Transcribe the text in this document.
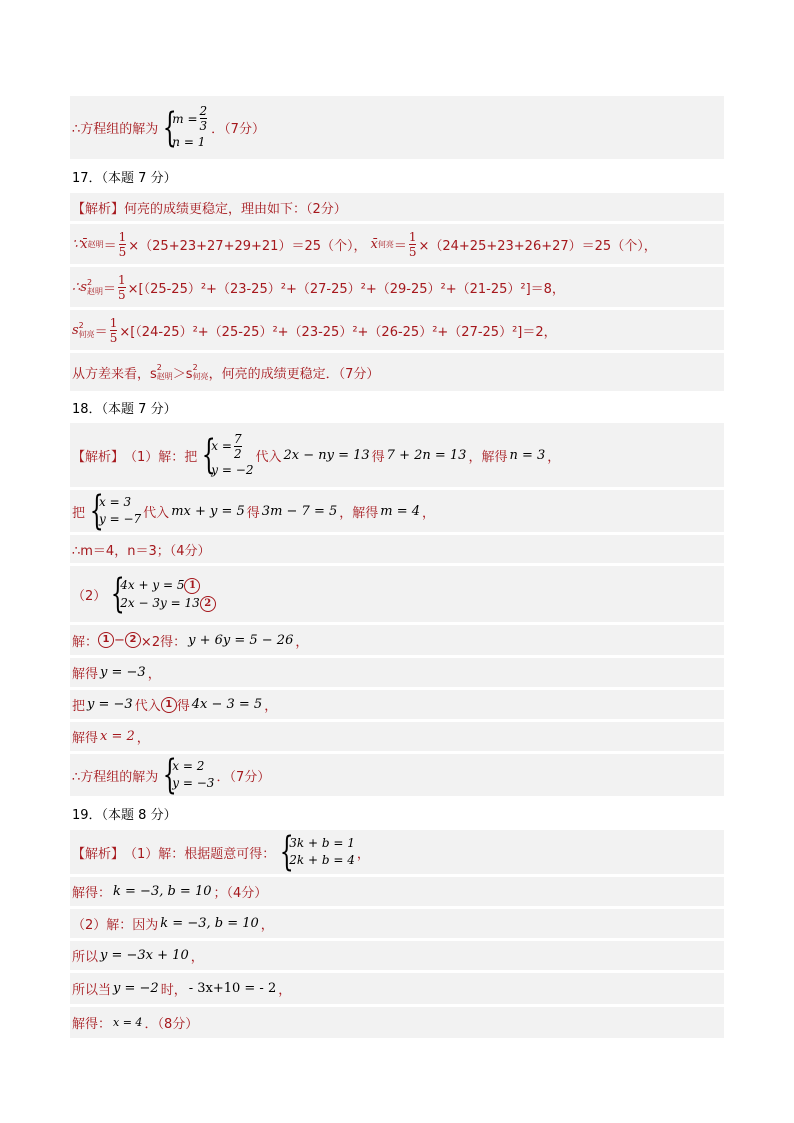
∴方程组的解为 {
$m = \frac{2}{3}$
n = 1
．（7分）
17．（本题 7 分）
【解析】 何亮的成绩更稳定，理由如下：（2分）
∵x̄ 赵明 ＝ $\frac{1}{5} \times(25+23+27+29+21)=25$（个）， x̄ 何亮 ＝ $\frac{1}{5} \times(24+25+23+26+27)=25$（个），
∴s 2
赵明 ＝ $\frac{1}{5} \times[(25-25)^2+(23-25)^2+(27-25)^2+(29-25)^2+(21-25)^2]=8$，
s 2
何亮 ＝ $\frac{1}{5} \times[(24-25)^2+(25-25)^2+(23-25)^2+(26-25)^2+(27-25)^2]=2$，
从方差来看，s 2
赵明 ＞s 2
何亮 ，何亮的成绩更稳定．（7分）
18．（本题 7 分）
【解析】 （1）解：把 {
$x = \frac{7}{2}$
y = −2
代入 2x − ny = 13 得 7 + 2n = 13 ，解得 n = 3 ，
把 {
x = 3
y = −7 代入 mx + y = 5 得 3m − 7 = 5 ，解得 m = 4 ，
∴m＝4，n＝3；（4分）
（2） {
4x + y = 5 1
2x − 3y = 13 2
解： 1 − 2 ×2得： y + 6y = 5 − 26 ，
解得 y = −3 ，
把 y = −3 代入 1 得 4x − 3 = 5 ，
解得 x = 2 ，
∴方程组的解为 {
x = 2
y = −3 ．（7分）
19．（本题 8 分）
【解析】 （1）解：根据题意可得： {
3k + b = 1
2k + b = 4 ，
解得： k = −3, b = 10 ；（4分）
（2）解：因为 k = −3, b = 10 ，
所以 y = −3x + 10 ，
所以当 y = −2 时， - 3x+10 = - 2 ，
解得： x = 4 ．（8分）
